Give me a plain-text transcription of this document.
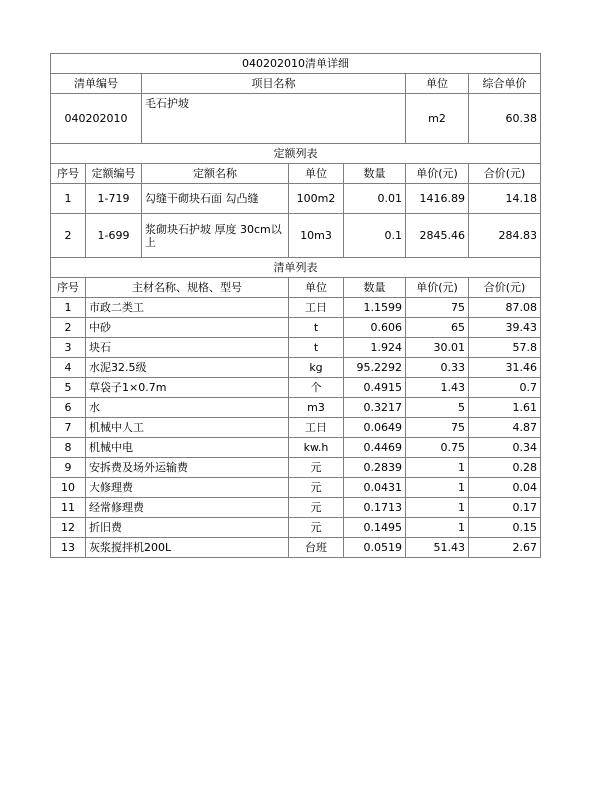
040202010清单详细						
清单编号		项目名称			单位	综合单价
040202010		毛石护坡			m2	60.38
定额列表						
序号	定额编号	定额名称	单位	数量	单价(元)	合价(元)
1	1-719	勾缝干砌块石面 勾凸缝	100m2	0.01	1416.89	14.18
2	1-699	浆砌块石护坡 厚度 30cm以上	10m3	0.1	2845.46	284.83
清单列表						
序号	主材名称、规格、型号		单位	数量	单价(元)	合价(元)
1	市政二类工		工日	1.1599	75	87.08
2	中砂		t	0.606	65	39.43
3	块石		t	1.924	30.01	57.8
4	水泥32.5级		kg	95.2292	0.33	31.46
5	草袋子1×0.7m		个	0.4915	1.43	0.7
6	水		m3	0.3217	5	1.61
7	机械中人工		工日	0.0649	75	4.87
8	机械中电		kw.h	0.4469	0.75	0.34
9	安拆费及场外运输费		元	0.2839	1	0.28
10	大修理费		元	0.0431	1	0.04
11	经常修理费		元	0.1713	1	0.17
12	折旧费		元	0.1495	1	0.15
13	灰浆搅拌机200L		台班	0.0519	51.43	2.67
